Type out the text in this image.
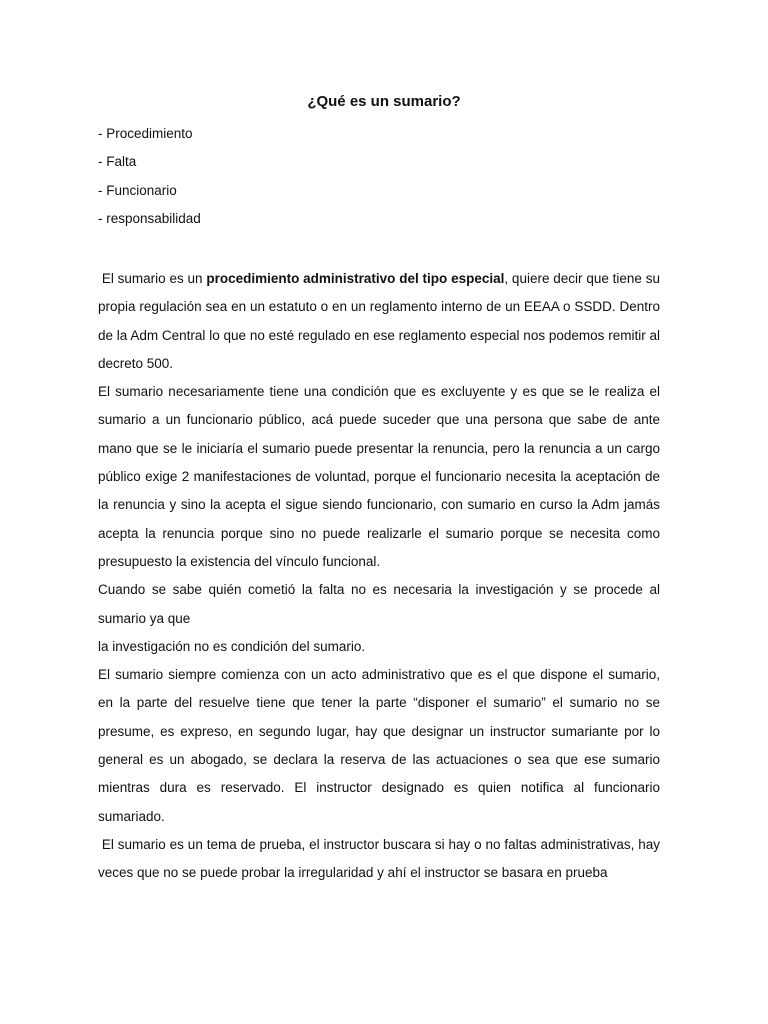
¿Qué es un sumario?
- Procedimiento
- Falta
- Funcionario
- responsabilidad

El sumario es un procedimiento administrativo del tipo especial, quiere decir que tiene su propia regulación sea en un estatuto o en un reglamento interno de un EEAA o SSDD. Dentro de la Adm Central lo que no esté regulado en ese reglamento especial nos podemos remitir al decreto 500.

El sumario necesariamente tiene una condición que es excluyente y es que se le realiza el sumario a un funcionario público, acá puede suceder que una persona que sabe de ante mano que se le iniciaría el sumario puede presentar la renuncia, pero la renuncia a un cargo público exige 2 manifestaciones de voluntad, porque el funcionario necesita la aceptación de la renuncia y sino la acepta el sigue siendo funcionario, con sumario en curso la Adm jamás acepta la renuncia porque sino no puede realizarle el sumario porque se necesita como presupuesto la existencia del vínculo funcional.

Cuando se sabe quién cometió la falta no es necesaria la investigación y se procede al sumario ya que

la investigación no es condición del sumario.

El sumario siempre comienza con un acto administrativo que es el que dispone el sumario, en la parte del resuelve tiene que tener la parte “disponer el sumario” el sumario no se presume, es expreso, en segundo lugar, hay que designar un instructor sumariante por lo general es un abogado, se declara la reserva de las actuaciones o sea que ese sumario mientras dura es reservado. El instructor designado es quien notifica al funcionario sumariado.

El sumario es un tema de prueba, el instructor buscara si hay o no faltas administrativas, hay veces que no se puede probar la irregularidad y ahí el instructor se basara en prueba
